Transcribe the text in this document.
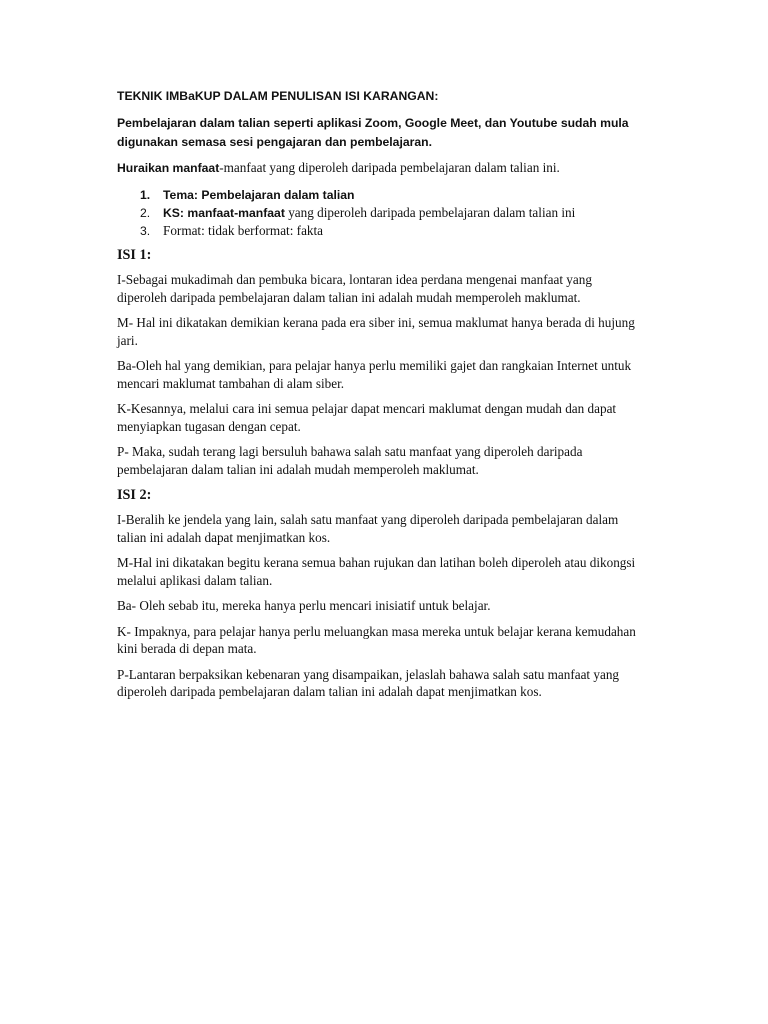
TEKNIK IMBaKUP DALAM PENULISAN ISI KARANGAN:

Pembelajaran dalam talian seperti aplikasi Zoom, Google Meet, dan Youtube sudah mula digunakan semasa sesi pengajaran dan pembelajaran.

Huraikan manfaat-manfaat yang diperoleh daripada pembelajaran dalam talian ini.

1. Tema: Pembelajaran dalam talian
2. KS: manfaat-manfaat yang diperoleh daripada pembelajaran dalam talian ini
3. Format: tidak berformat: fakta

ISI 1:

I-Sebagai mukadimah dan pembuka bicara, lontaran idea perdana mengenai manfaat yang diperoleh daripada pembelajaran dalam talian ini adalah mudah memperoleh maklumat.

M- Hal ini dikatakan demikian kerana pada era siber ini, semua maklumat hanya berada di hujung jari.

Ba-Oleh hal yang demikian, para pelajar hanya perlu memiliki gajet dan rangkaian Internet untuk mencari maklumat tambahan di alam siber.

K-Kesannya, melalui cara ini semua pelajar dapat mencari maklumat dengan mudah dan dapat menyiapkan tugasan dengan cepat.

P- Maka, sudah terang lagi bersuluh bahawa salah satu manfaat yang diperoleh daripada pembelajaran dalam talian ini adalah mudah memperoleh maklumat.

ISI 2:

I-Beralih ke jendela yang lain, salah satu manfaat yang diperoleh daripada pembelajaran dalam talian ini adalah dapat menjimatkan kos.

M-Hal ini dikatakan begitu kerana semua bahan rujukan dan latihan boleh diperoleh atau dikongsi melalui aplikasi dalam talian.

Ba- Oleh sebab itu, mereka hanya perlu mencari inisiatif untuk belajar.

K- Impaknya, para pelajar hanya perlu meluangkan masa mereka untuk belajar kerana kemudahan kini berada di depan mata.

P-Lantaran berpaksikan kebenaran yang disampaikan, jelaslah bahawa salah satu manfaat yang diperoleh daripada pembelajaran dalam talian ini adalah dapat menjimatkan kos.
